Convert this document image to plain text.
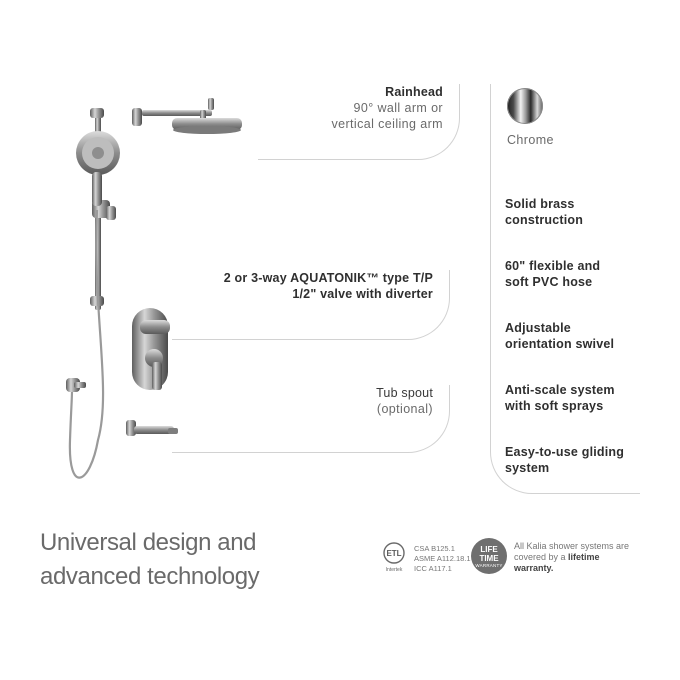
Rainhead
90° wall arm or
vertical ceiling arm
2 or 3-way AQUATONIK™ type T/P
1/2" valve with diverter
Tub spout
(optional)
Chrome
Solid brass
construction
60" flexible and
soft PVC hose
Adjustable
orientation swivel
Anti-scale system
with soft sprays
Easy-to-use gliding
system
Universal design and
advanced technology
ETL
Intertek
CSA B125.1
ASME A112.18.1
ICC A117.1
LIFE
TIME
WARRANTY
All Kalia shower systems are covered by a lifetime warranty.
